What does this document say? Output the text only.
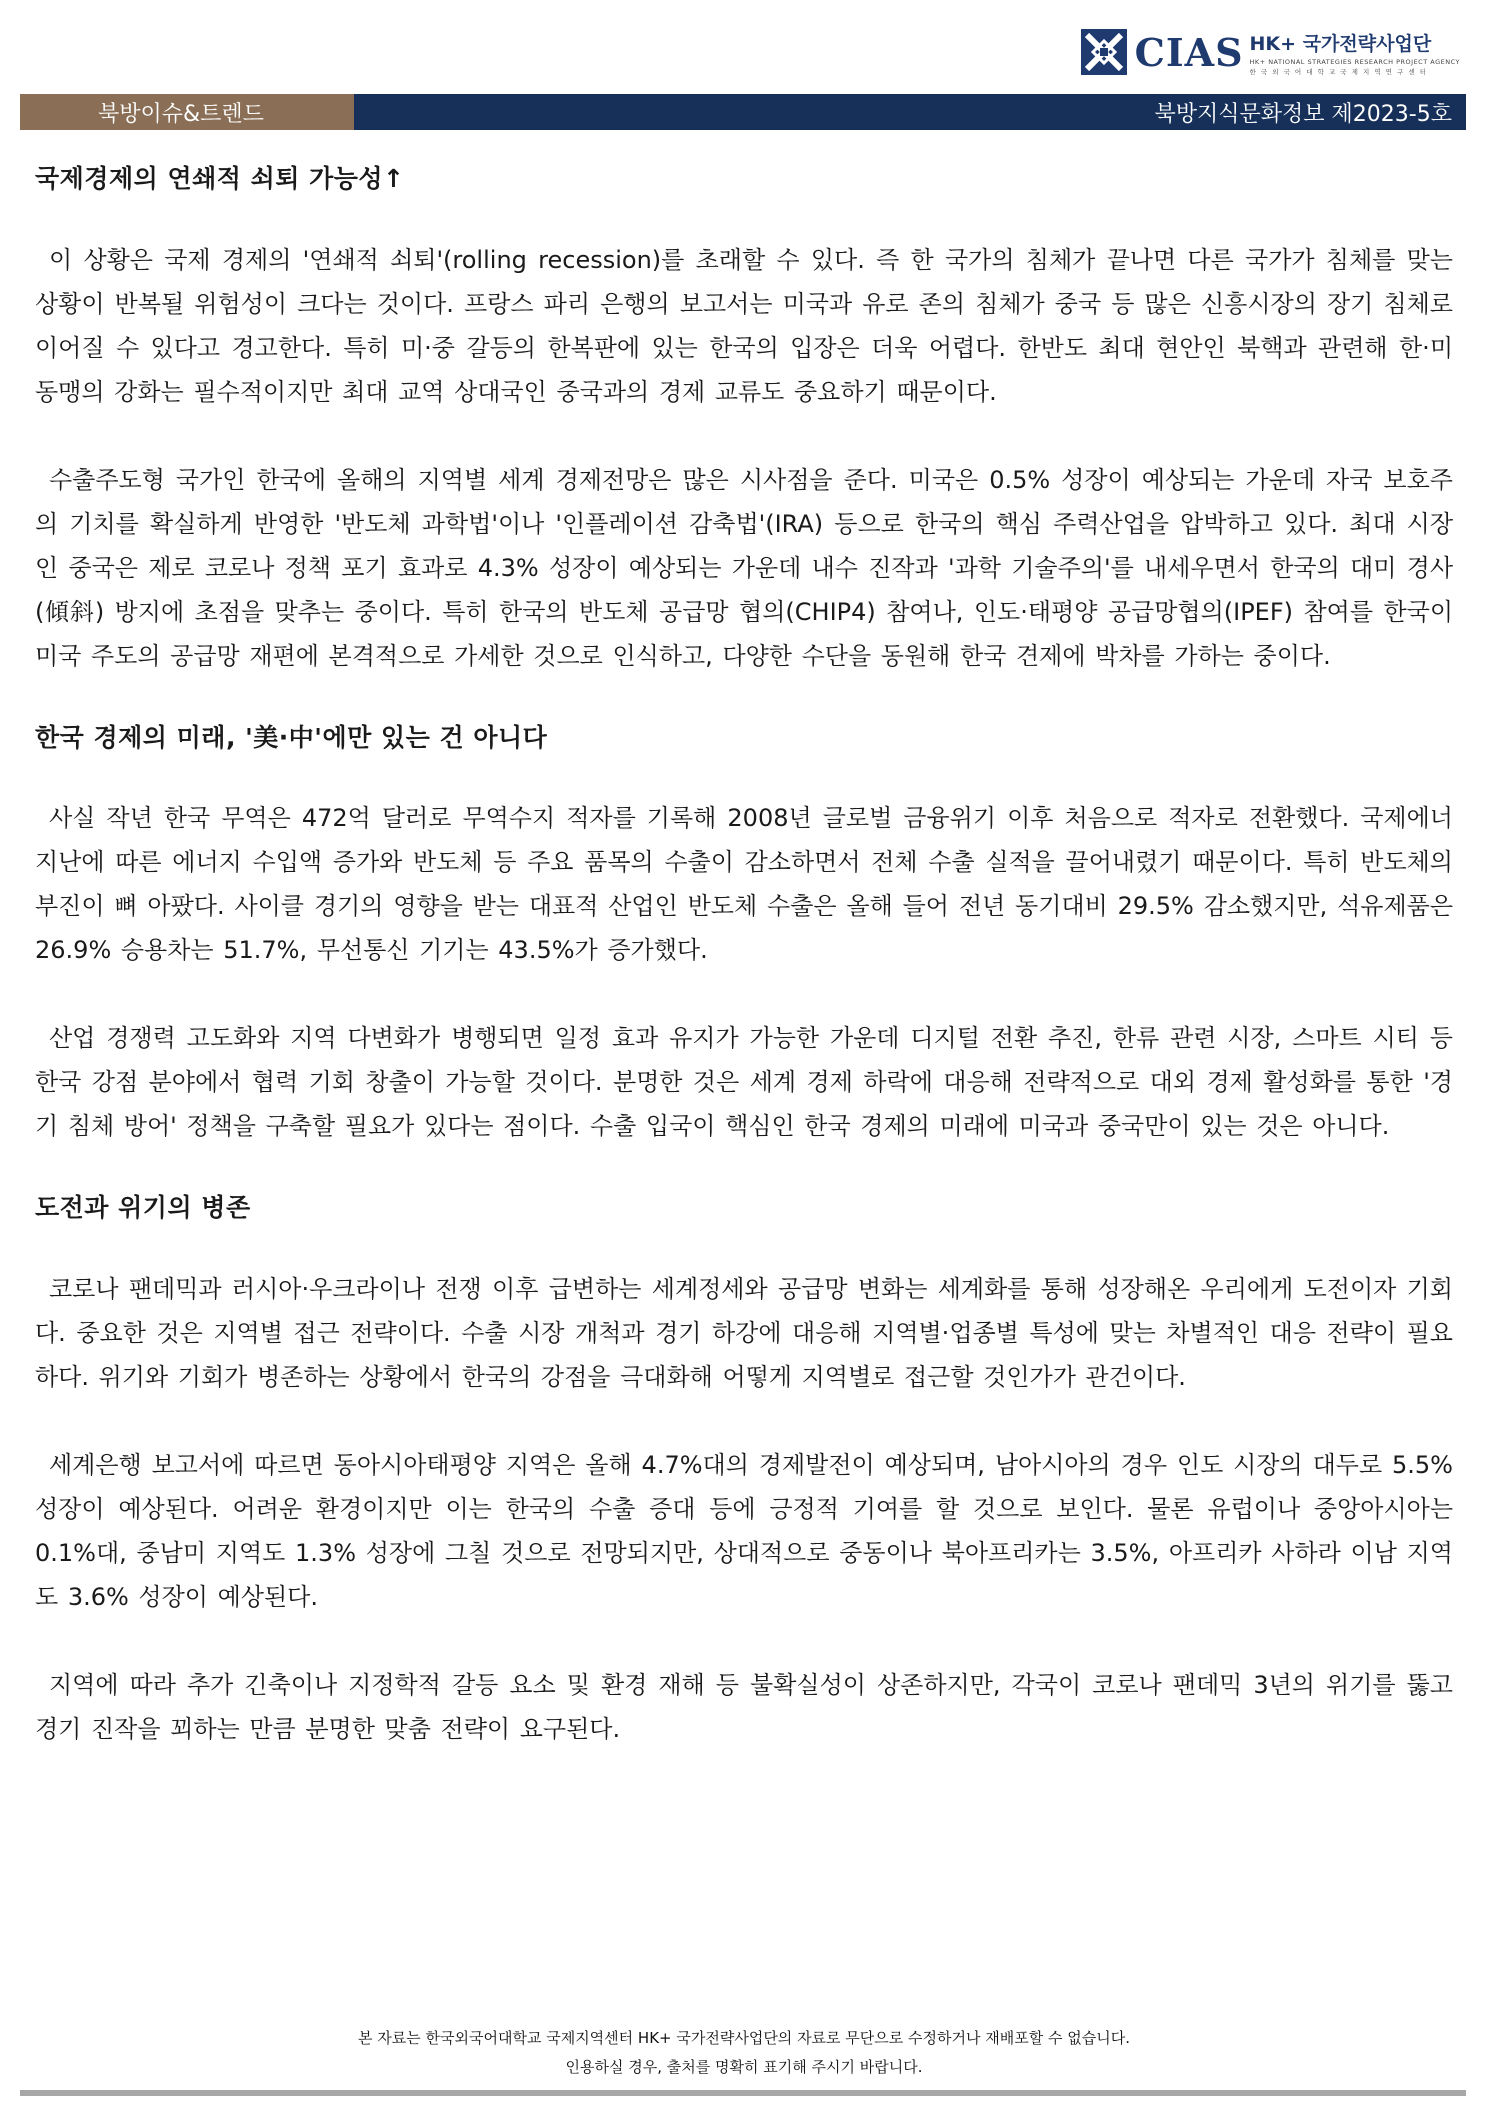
CIAS HK+ 국가전략사업단
HK+ NATIONAL STRATEGIES RESEARCH PROJECT AGENCY
한 국 외 국 어 대 학 교 국 제 지 역 연 구 센 터
북방이슈&트렌드	북방지식문화정보 제2023-5호
국제경제의 연쇄적 쇠퇴 가능성↑

이 상황은 국제 경제의 '연쇄적 쇠퇴'(rolling recession)를 초래할 수 있다. 즉 한 국가의 침체가 끝나면 다른 국가가 침체를 맞는 상황이 반복될 위험성이 크다는 것이다. 프랑스 파리 은행의 보고서는 미국과 유로 존의 침체가 중국 등 많은 신흥시장의 장기 침체로 이어질 수 있다고 경고한다. 특히 미·중 갈등의 한복판에 있는 한국의 입장은 더욱 어렵다. 한반도 최대 현안인 북핵과 관련해 한·미 동맹의 강화는 필수적이지만 최대 교역 상대국인 중국과의 경제 교류도 중요하기 때문이다.

수출주도형 국가인 한국에 올해의 지역별 세계 경제전망은 많은 시사점을 준다. 미국은 0.5% 성장이 예상되는 가운데 자국 보호주의 기치를 확실하게 반영한 '반도체 과학법'이나 '인플레이션 감축법'(IRA) 등으로 한국의 핵심 주력산업을 압박하고 있다. 최대 시장인 중국은 제로 코로나 정책 포기 효과로 4.3% 성장이 예상되는 가운데 내수 진작과 '과학 기술주의'를 내세우면서 한국의 대미 경사(傾斜) 방지에 초점을 맞추는 중이다. 특히 한국의 반도체 공급망 협의(CHIP4) 참여나, 인도·태평양 공급망협의(IPEF) 참여를 한국이 미국 주도의 공급망 재편에 본격적으로 가세한 것으로 인식하고, 다양한 수단을 동원해 한국 견제에 박차를 가하는 중이다.

한국 경제의 미래, '美·中'에만 있는 건 아니다

사실 작년 한국 무역은 472억 달러로 무역수지 적자를 기록해 2008년 글로벌 금융위기 이후 처음으로 적자로 전환했다. 국제에너지난에 따른 에너지 수입액 증가와 반도체 등 주요 품목의 수출이 감소하면서 전체 수출 실적을 끌어내렸기 때문이다. 특히 반도체의 부진이 뼈 아팠다. 사이클 경기의 영향을 받는 대표적 산업인 반도체 수출은 올해 들어 전년 동기대비 29.5% 감소했지만, 석유제품은 26.9% 승용차는 51.7%, 무선통신 기기는 43.5%가 증가했다.

산업 경쟁력 고도화와 지역 다변화가 병행되면 일정 효과 유지가 가능한 가운데 디지털 전환 추진, 한류 관련 시장, 스마트 시티 등 한국 강점 분야에서 협력 기회 창출이 가능할 것이다. 분명한 것은 세계 경제 하락에 대응해 전략적으로 대외 경제 활성화를 통한 '경기 침체 방어' 정책을 구축할 필요가 있다는 점이다. 수출 입국이 핵심인 한국 경제의 미래에 미국과 중국만이 있는 것은 아니다.

도전과 위기의 병존

코로나 팬데믹과 러시아·우크라이나 전쟁 이후 급변하는 세계정세와 공급망 변화는 세계화를 통해 성장해온 우리에게 도전이자 기회다. 중요한 것은 지역별 접근 전략이다. 수출 시장 개척과 경기 하강에 대응해 지역별·업종별 특성에 맞는 차별적인 대응 전략이 필요하다. 위기와 기회가 병존하는 상황에서 한국의 강점을 극대화해 어떻게 지역별로 접근할 것인가가 관건이다.

세계은행 보고서에 따르면 동아시아태평양 지역은 올해 4.7%대의 경제발전이 예상되며, 남아시아의 경우 인도 시장의 대두로 5.5% 성장이 예상된다. 어려운 환경이지만 이는 한국의 수출 증대 등에 긍정적 기여를 할 것으로 보인다. 물론 유럽이나 중앙아시아는 0.1%대, 중남미 지역도 1.3% 성장에 그칠 것으로 전망되지만, 상대적으로 중동이나 북아프리카는 3.5%, 아프리카 사하라 이남 지역도 3.6% 성장이 예상된다.

지역에 따라 추가 긴축이나 지정학적 갈등 요소 및 환경 재해 등 불확실성이 상존하지만, 각국이 코로나 팬데믹 3년의 위기를 뚫고 경기 진작을 꾀하는 만큼 분명한 맞춤 전략이 요구된다.

본 자료는 한국외국어대학교 국제지역센터 HK+ 국가전략사업단의 자료로 무단으로 수정하거나 재배포할 수 없습니다.
인용하실 경우, 출처를 명확히 표기해 주시기 바랍니다.
